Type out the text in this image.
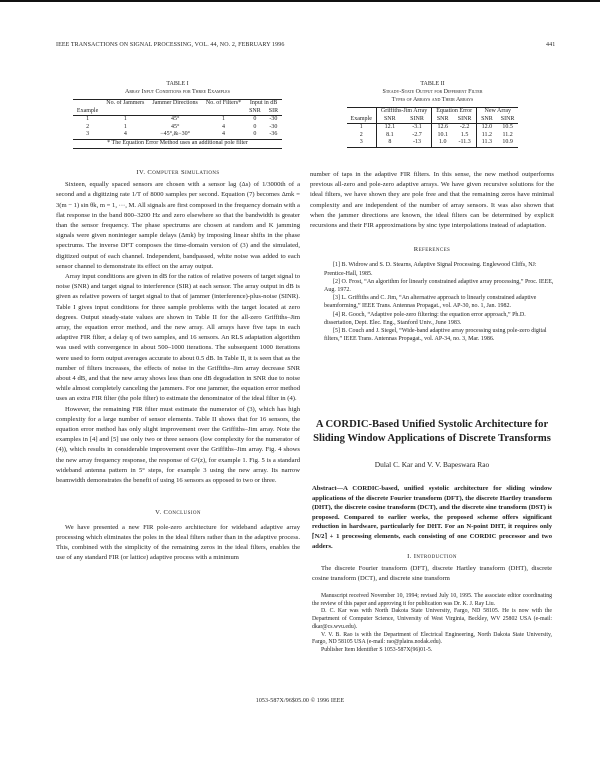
IEEE TRANSACTIONS ON SIGNAL PROCESSING, VOL. 44, NO. 2, FEBRUARY 1996	441
TABLE I
Array Input Conditions for Three Examples
	No. of Jammers	Jammer Directions	No. of Filters*	Input in dB	
Example				SNR	SIR
1	1	45°	1	0	-30
2	1	45°	4	0	-30
3	4	−45°,&−30°	4	0	-36
* The Equation Error Method uses an additional pole filter					
TABLE II
Steady-State Output for Different Filter
Types of Arrays and Their Arrays
	Griffiths-Jim Array		Equation Error		New Array	
Example	SNR	SINR	SNR	SINR	SNR	SINR
1	12.1	-3.1	12.6	-2.2	12.0	10.5
2	8.1	-2.7	10.1	1.5	11.2	11.2
3	8	-13	1.0	-11.3	11.3	10.9
IV. Computer Simulations

Sixteen, equally spaced sensors are chosen with a sensor lag (Δs) of 1/3000th of a second and a digitizing rate 1/T of 8000 samples per second. Equation (7) becomes Δmk = 3(m − 1) sin θk, m = 1, ···, M. All signals are first composed in the frequency domain with a flat response in the band 800–3200 Hz and zero elsewhere so that the bandwidth is greater than the sensor frequency. The phase spectrums are chosen at random and K jamming signals were given noninteger sample delays (Δmk) by imposing linear shifts in the phase spectrums. The inverse DFT composes the time-domain version of (3) and the simulated, digitized output of each channel. Independent, bandpassed, white noise was added to each sensor channel to demonstrate its effect on the array output.

Array input conditions are given in dB for the ratios of relative powers of target signal to noise (SNR) and target signal to interference (SIR) at each sensor. The array output in dB is given as relative powers of target signal to that of jammer (interference)-plus-noise (SINR). Table I gives input conditions for three sample problems with the target located at zero degrees. Output steady-state values are shown in Table II for the all-zero Griffiths–Jim array, the equation error method, and the new array. All arrays have five taps in each adaptive FIR filter, a delay q of two samples, and 16 sensors. An RLS adaptation algorithm was used with convergence in about 500–1000 iterations. The subsequent 1000 iterations were used to form output averages accurate to about 0.5 dB. In Table II, it is seen that as the number of filters increases, the effects of noise in the Griffiths–Jim array decrease SNR about 4 dB, and that the new array shows less than one dB degradation in SNR due to noise while almost completely canceling the jammers. For one jammer, the equation error method uses an extra FIR filter (the pole filter) to estimate the denominator of the ideal filter in (4).

However, the remaining FIR filter must estimate the numerator of (3), which has high complexity for a large number of sensor elements. Table II shows that for 16 sensors, the equation error method has only slight improvement over the Griffiths–Jim array. Note the examples in [4] and [5] use only two or three sensors (low complexity for the numerator of (4)), which results in considerable improvement over the Griffiths–Jim array. Fig. 4 shows the new array frequency response, the response of G¹(z), for example 1. Fig. 5 is a standard wideband antenna pattern in 5° steps, for example 3 using the new array. Its narrow beamwidth demonstrates the benefit of using 16 sensors as opposed to two or three.

V. Conclusion

We have presented a new FIR pole-zero architecture for wideband adaptive array processing which eliminates the poles in the ideal filters rather than in the adaptive process. This, combined with the simplicity of the remaining zeros in the ideal filters, enables the use of any standard FIR (or lattice) adaptive process with a minimum

number of taps in the adaptive FIR filters. In this sense, the new method outperforms previous all-zero and pole-zero adaptive arrays. We have given recursive solutions for the ideal filters, we have shown they are pole free and that the remaining zeros have minimal complexity and are independent of the number of array sensors. It was also shown that when the jammer directions are known, the ideal filters can be determined by explicit recursions and their FIR approximations by sinc type interpolations instead of adaptation.

References

[1] B. Widrow and S. D. Stearns, Adaptive Signal Processing. Englewood Cliffs, NJ: Prentice-Hall, 1985.

[2] O. Frost, “An algorithm for linearly constrained adaptive array processing,” Proc. IEEE, Aug. 1972.

[3] L. Griffiths and C. Jim, “An alternative approach to linearly constrained adaptive beamforming,” IEEE Trans. Antennas Propagat., vol. AP-30, no. 1, Jan. 1982.

[4] R. Gooch, “Adaptive pole-zero filtering: the equation error approach,” Ph.D. dissertation, Dept. Elec. Eng., Stanford Univ., June 1983.

[5] B. Couch and J. Siegel, “Wide-band adaptive array processing using pole-zero digital filters,” IEEE Trans. Antennas Propagat., vol. AP-34, no. 3, Mar. 1986.

A CORDIC-Based Unified Systolic Architecture for Sliding Window Applications of Discrete Transforms
Dulal C. Kar and V. V. Bapeswara Rao
Abstract—A CORDIC-based, unified systolic architecture for sliding window applications of the discrete Fourier transform (DFT), the discrete Hartley transform (DHT), the discrete cosine transform (DCT), and the discrete sine transform (DST) is proposed. Compared to earlier works, the proposed scheme offers significant reduction in hardware, particularly for DHT. For an N-point DHT, it requires only ⌈N/2⌉ + 1 processing elements, each consisting of one CORDIC processor and two adders.
I. Introduction
The discrete Fourier transform (DFT), discrete Hartley transform (DHT), discrete cosine transform (DCT), and discrete sine transform

Manuscript received November 10, 1994; revised July 10, 1995. The associate editor coordinating the review of this paper and approving it for publication was Dr. K. J. Ray Liu.

D. C. Kar was with North Dakota State University, Fargo, ND 58105. He is now with the Department of Computer Science, University of West Virginia, Beckley, WV 25802 USA (e-mail: dkar@cs.wvu.edu).

V. V. B. Rao is with the Department of Electrical Engineering, North Dakota State University, Fargo, ND 58105 USA (e-mail: rao@plains.nodak.edu).

Publisher Item Identifier S 1053-587X(96)01-5.

1053-587X/96$05.00 © 1996 IEEE
